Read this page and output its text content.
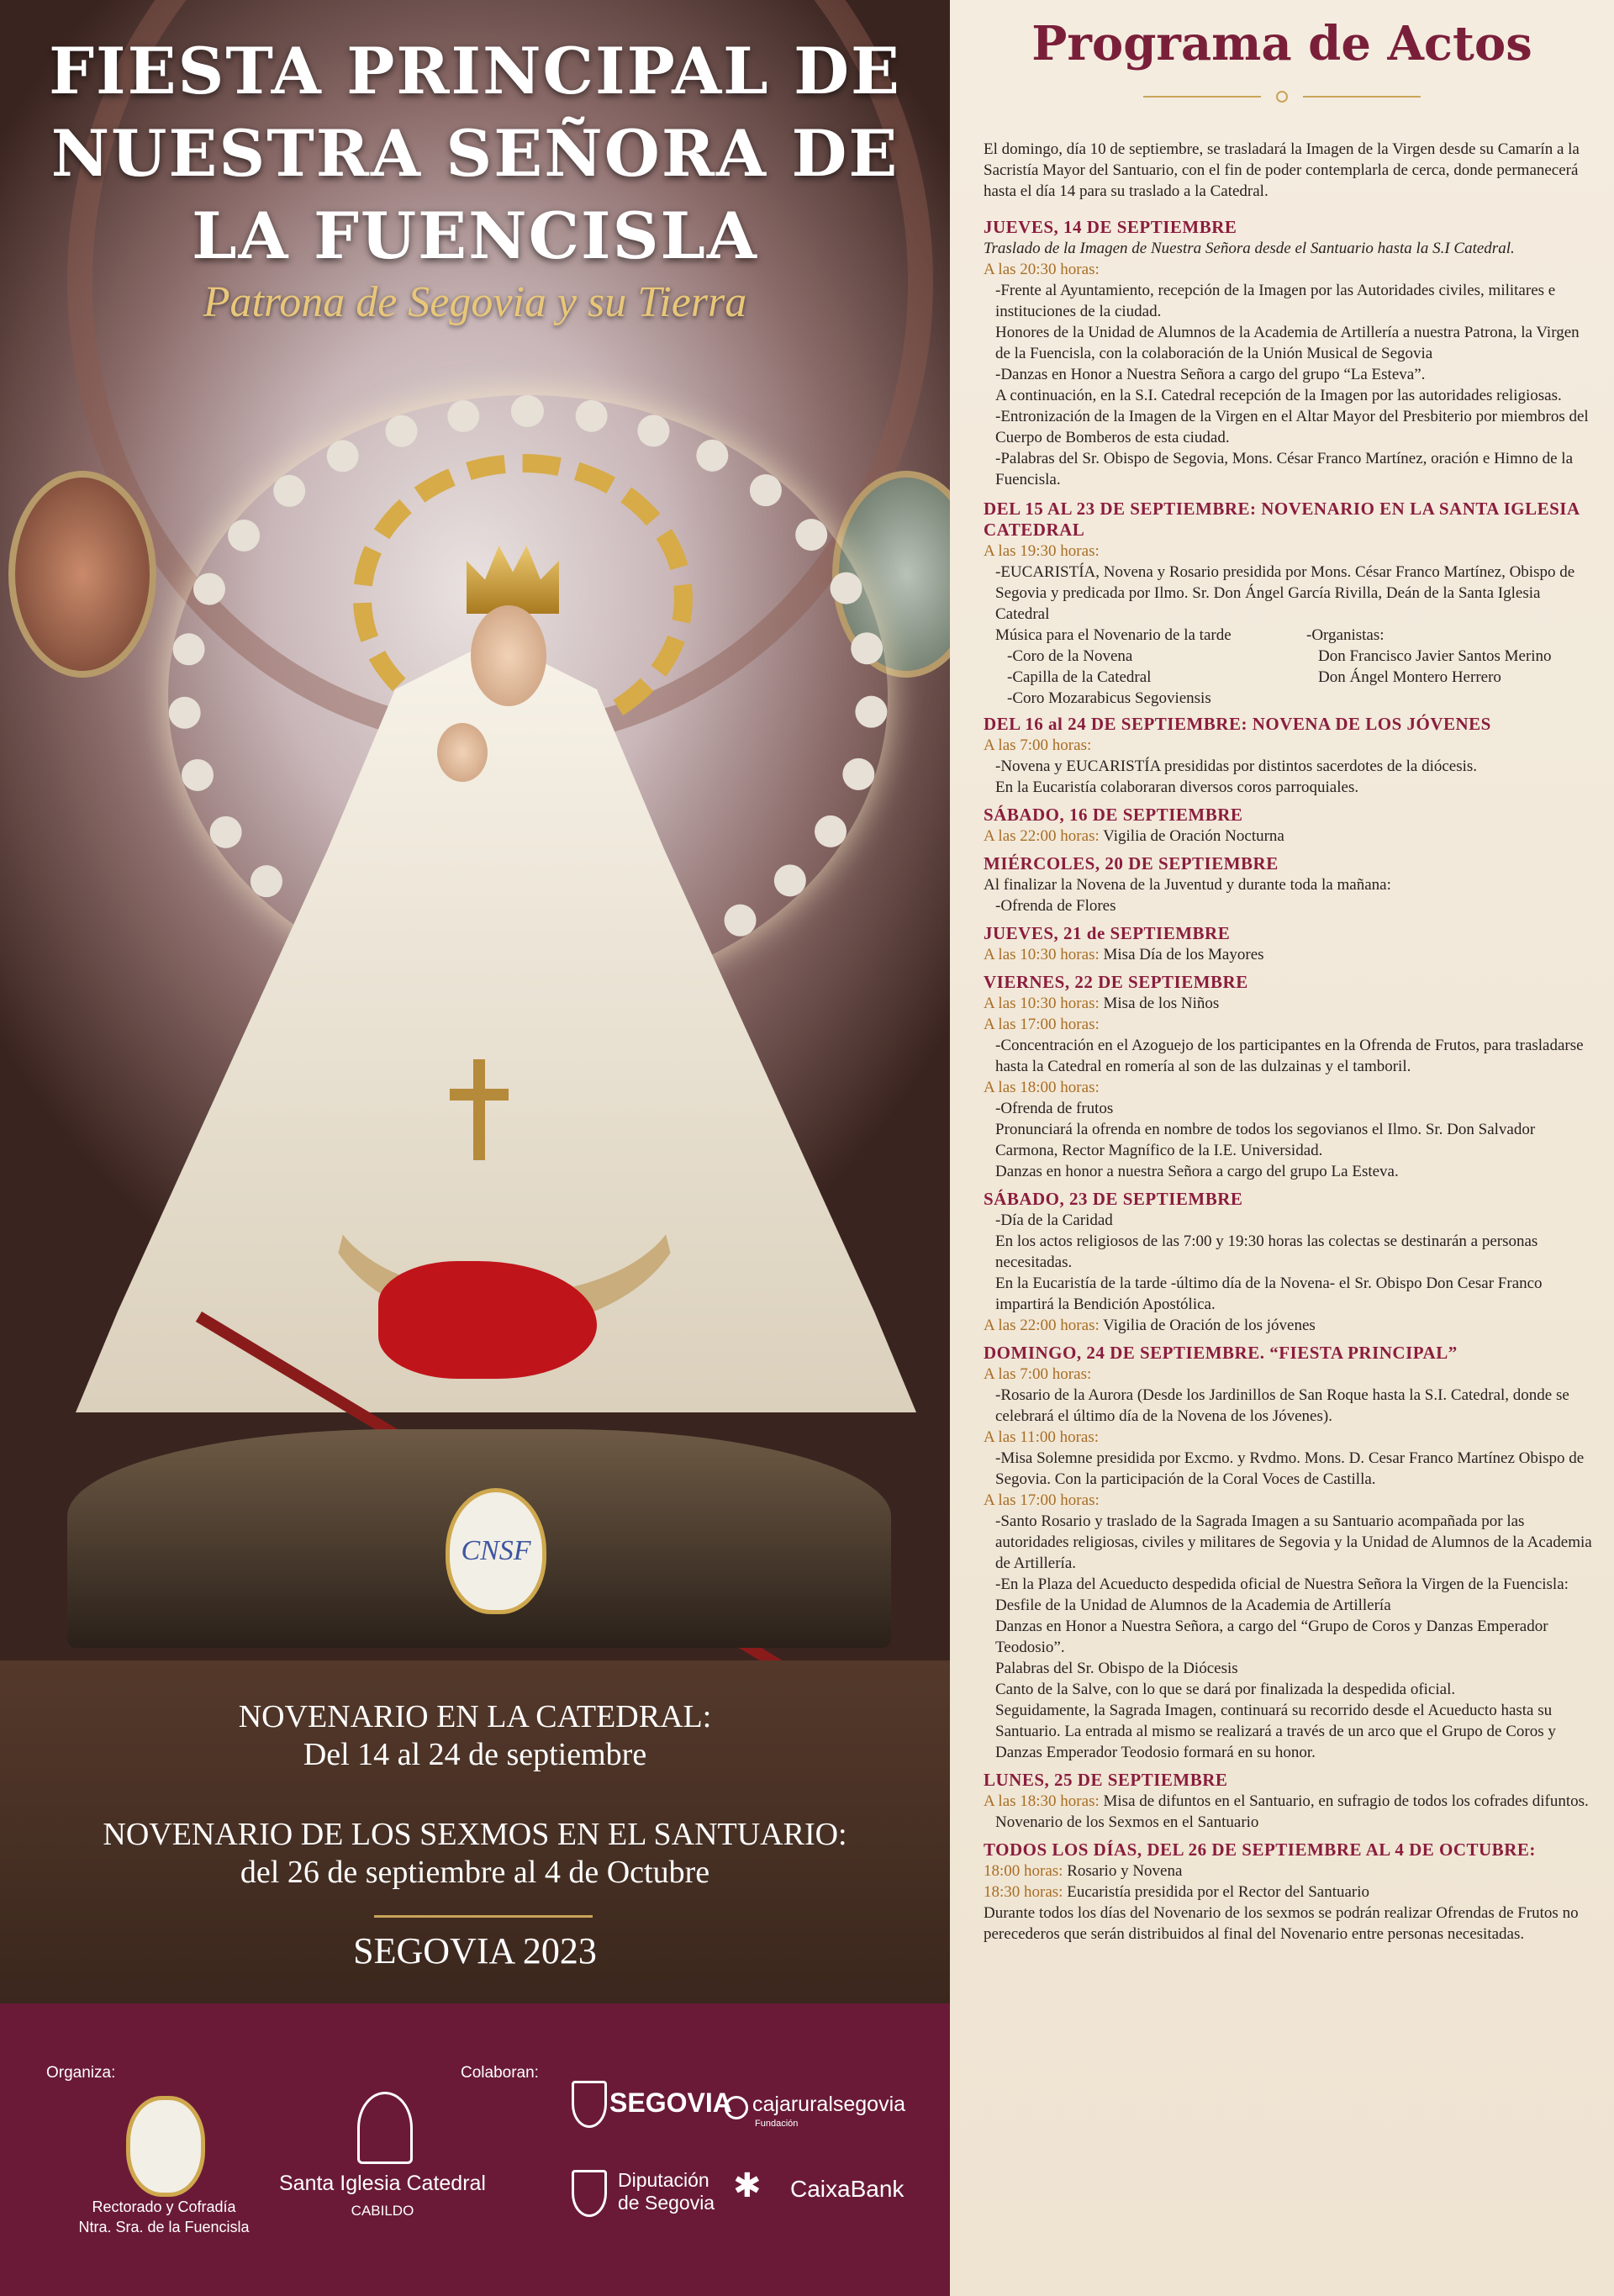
CNSF
FIESTA PRINCIPAL DE
NUESTRA SEÑORA DE
LA FUENCISLA
Patrona de Segovia y su Tierra
NOVENARIO EN LA CATEDRAL:
Del 14 al 24 de septiembre
NOVENARIO DE LOS SEXMOS EN EL SANTUARIO:
del 26 de septiembre al 4 de Octubre
SEGOVIA 2023
Organiza:	Colaboran:
Rectorado y Cofradía
Ntra. Sra. de la Fuencisla
Santa Iglesia Catedral
CABILDO
SEGOVIA cajaruralsegovia
Fundación
Diputación
de Segovia ✱ CaixaBank
Programa de Actos
El domingo, día 10 de septiembre, se trasladará la Imagen de la Virgen desde su Camarín a la Sacristía Mayor del Santuario, con el fin de poder contemplarla de cerca, donde permanecerá hasta el día 14 para su traslado a la Catedral.
JUEVES, 14 DE SEPTIEMBRE
Traslado de la Imagen de Nuestra Señora desde el Santuario hasta la S.I Catedral.
A las 20:30 horas:
-Frente al Ayuntamiento, recepción de la Imagen por las Autoridades civiles, militares e instituciones de la ciudad.
Honores de la Unidad de Alumnos de la Academia de Artillería a nuestra Patrona, la Virgen de la Fuencisla, con la colaboración de la Unión Musical de Segovia
-Danzas en Honor a Nuestra Señora a cargo del grupo “La Esteva”.
A continuación, en la S.I. Catedral recepción de la Imagen por las autoridades religiosas.
-Entronización de la Imagen de la Virgen en el Altar Mayor del Presbiterio por miembros del Cuerpo de Bomberos de esta ciudad.
-Palabras del Sr. Obispo de Segovia, Mons. César Franco Martínez, oración e Himno de la Fuencisla.
DEL 15 AL 23 DE SEPTIEMBRE: NOVENARIO EN LA SANTA IGLESIA CATEDRAL
A las 19:30 horas:
-EUCARISTÍA, Novena y Rosario presidida por Mons. César Franco Martínez, Obispo de Segovia y predicada por Ilmo. Sr. Don Ángel García Rivilla, Deán de la Santa Iglesia Catedral
Música para el Novenario de la tarde
-Coro de la Novena
-Capilla de la Catedral
-Coro Mozarabicus Segoviensis
-Organistas:
Don Francisco Javier Santos Merino
Don Ángel Montero Herrero
DEL 16 al 24 DE SEPTIEMBRE: NOVENA DE LOS JÓVENES
A las 7:00 horas:
-Novena y EUCARISTÍA presididas por distintos sacerdotes de la diócesis.
En la Eucaristía colaboraran diversos coros parroquiales.
SÁBADO, 16 DE SEPTIEMBRE
A las 22:00 horas: Vigilia de Oración Nocturna
MIÉRCOLES, 20 DE SEPTIEMBRE
Al finalizar la Novena de la Juventud y durante toda la mañana:
-Ofrenda de Flores
JUEVES, 21 de SEPTIEMBRE
A las 10:30 horas: Misa Día de los Mayores
VIERNES, 22 DE SEPTIEMBRE
A las 10:30 horas: Misa de los Niños
A las 17:00 horas:
-Concentración en el Azoguejo de los participantes en la Ofrenda de Frutos, para trasladarse hasta la Catedral en romería al son de las dulzainas y el tamboril.
A las 18:00 horas:
-Ofrenda de frutos
Pronunciará la ofrenda en nombre de todos los segovianos el Ilmo. Sr. Don Salvador Carmona, Rector Magnífico de la I.E. Universidad.
Danzas en honor a nuestra Señora a cargo del grupo La Esteva.
SÁBADO, 23 DE SEPTIEMBRE
-Día de la Caridad
En los actos religiosos de las 7:00 y 19:30 horas las colectas se destinarán a personas necesitadas.
En la Eucaristía de la tarde -último día de la Novena- el Sr. Obispo Don Cesar Franco impartirá la Bendición Apostólica.
A las 22:00 horas: Vigilia de Oración de los jóvenes
DOMINGO, 24 DE SEPTIEMBRE. “FIESTA PRINCIPAL”
A las 7:00 horas:
-Rosario de la Aurora (Desde los Jardinillos de San Roque hasta la S.I. Catedral, donde se celebrará el último día de la Novena de los Jóvenes).
A las 11:00 horas:
-Misa Solemne presidida por Excmo. y Rvdmo. Mons. D. Cesar Franco Martínez Obispo de Segovia. Con la participación de la Coral Voces de Castilla.
A las 17:00 horas:
-Santo Rosario y traslado de la Sagrada Imagen a su Santuario acompañada por las autoridades religiosas, civiles y militares de Segovia y la Unidad de Alumnos de la Academia de Artillería.
-En la Plaza del Acueducto despedida oficial de Nuestra Señora la Virgen de la Fuencisla:
Desfile de la Unidad de Alumnos de la Academia de Artillería
Danzas en Honor a Nuestra Señora, a cargo del “Grupo de Coros y Danzas Emperador Teodosio”.
Palabras del Sr. Obispo de la Diócesis
Canto de la Salve, con lo que se dará por finalizada la despedida oficial.
Seguidamente, la Sagrada Imagen, continuará su recorrido desde el Acueducto hasta su Santuario. La entrada al mismo se realizará a través de un arco que el Grupo de Coros y Danzas Emperador Teodosio formará en su honor.
LUNES, 25 DE SEPTIEMBRE
A las 18:30 horas: Misa de difuntos en el Santuario, en sufragio de todos los cofrades difuntos.
Novenario de los Sexmos en el Santuario
TODOS LOS DÍAS, DEL 26 DE SEPTIEMBRE AL 4 DE OCTUBRE:
18:00 horas: Rosario y Novena
18:30 horas: Eucaristía presidida por el Rector del Santuario
Durante todos los días del Novenario de los sexmos se podrán realizar Ofrendas de Frutos no perecederos que serán distribuidos al final del Novenario entre personas necesitadas.
